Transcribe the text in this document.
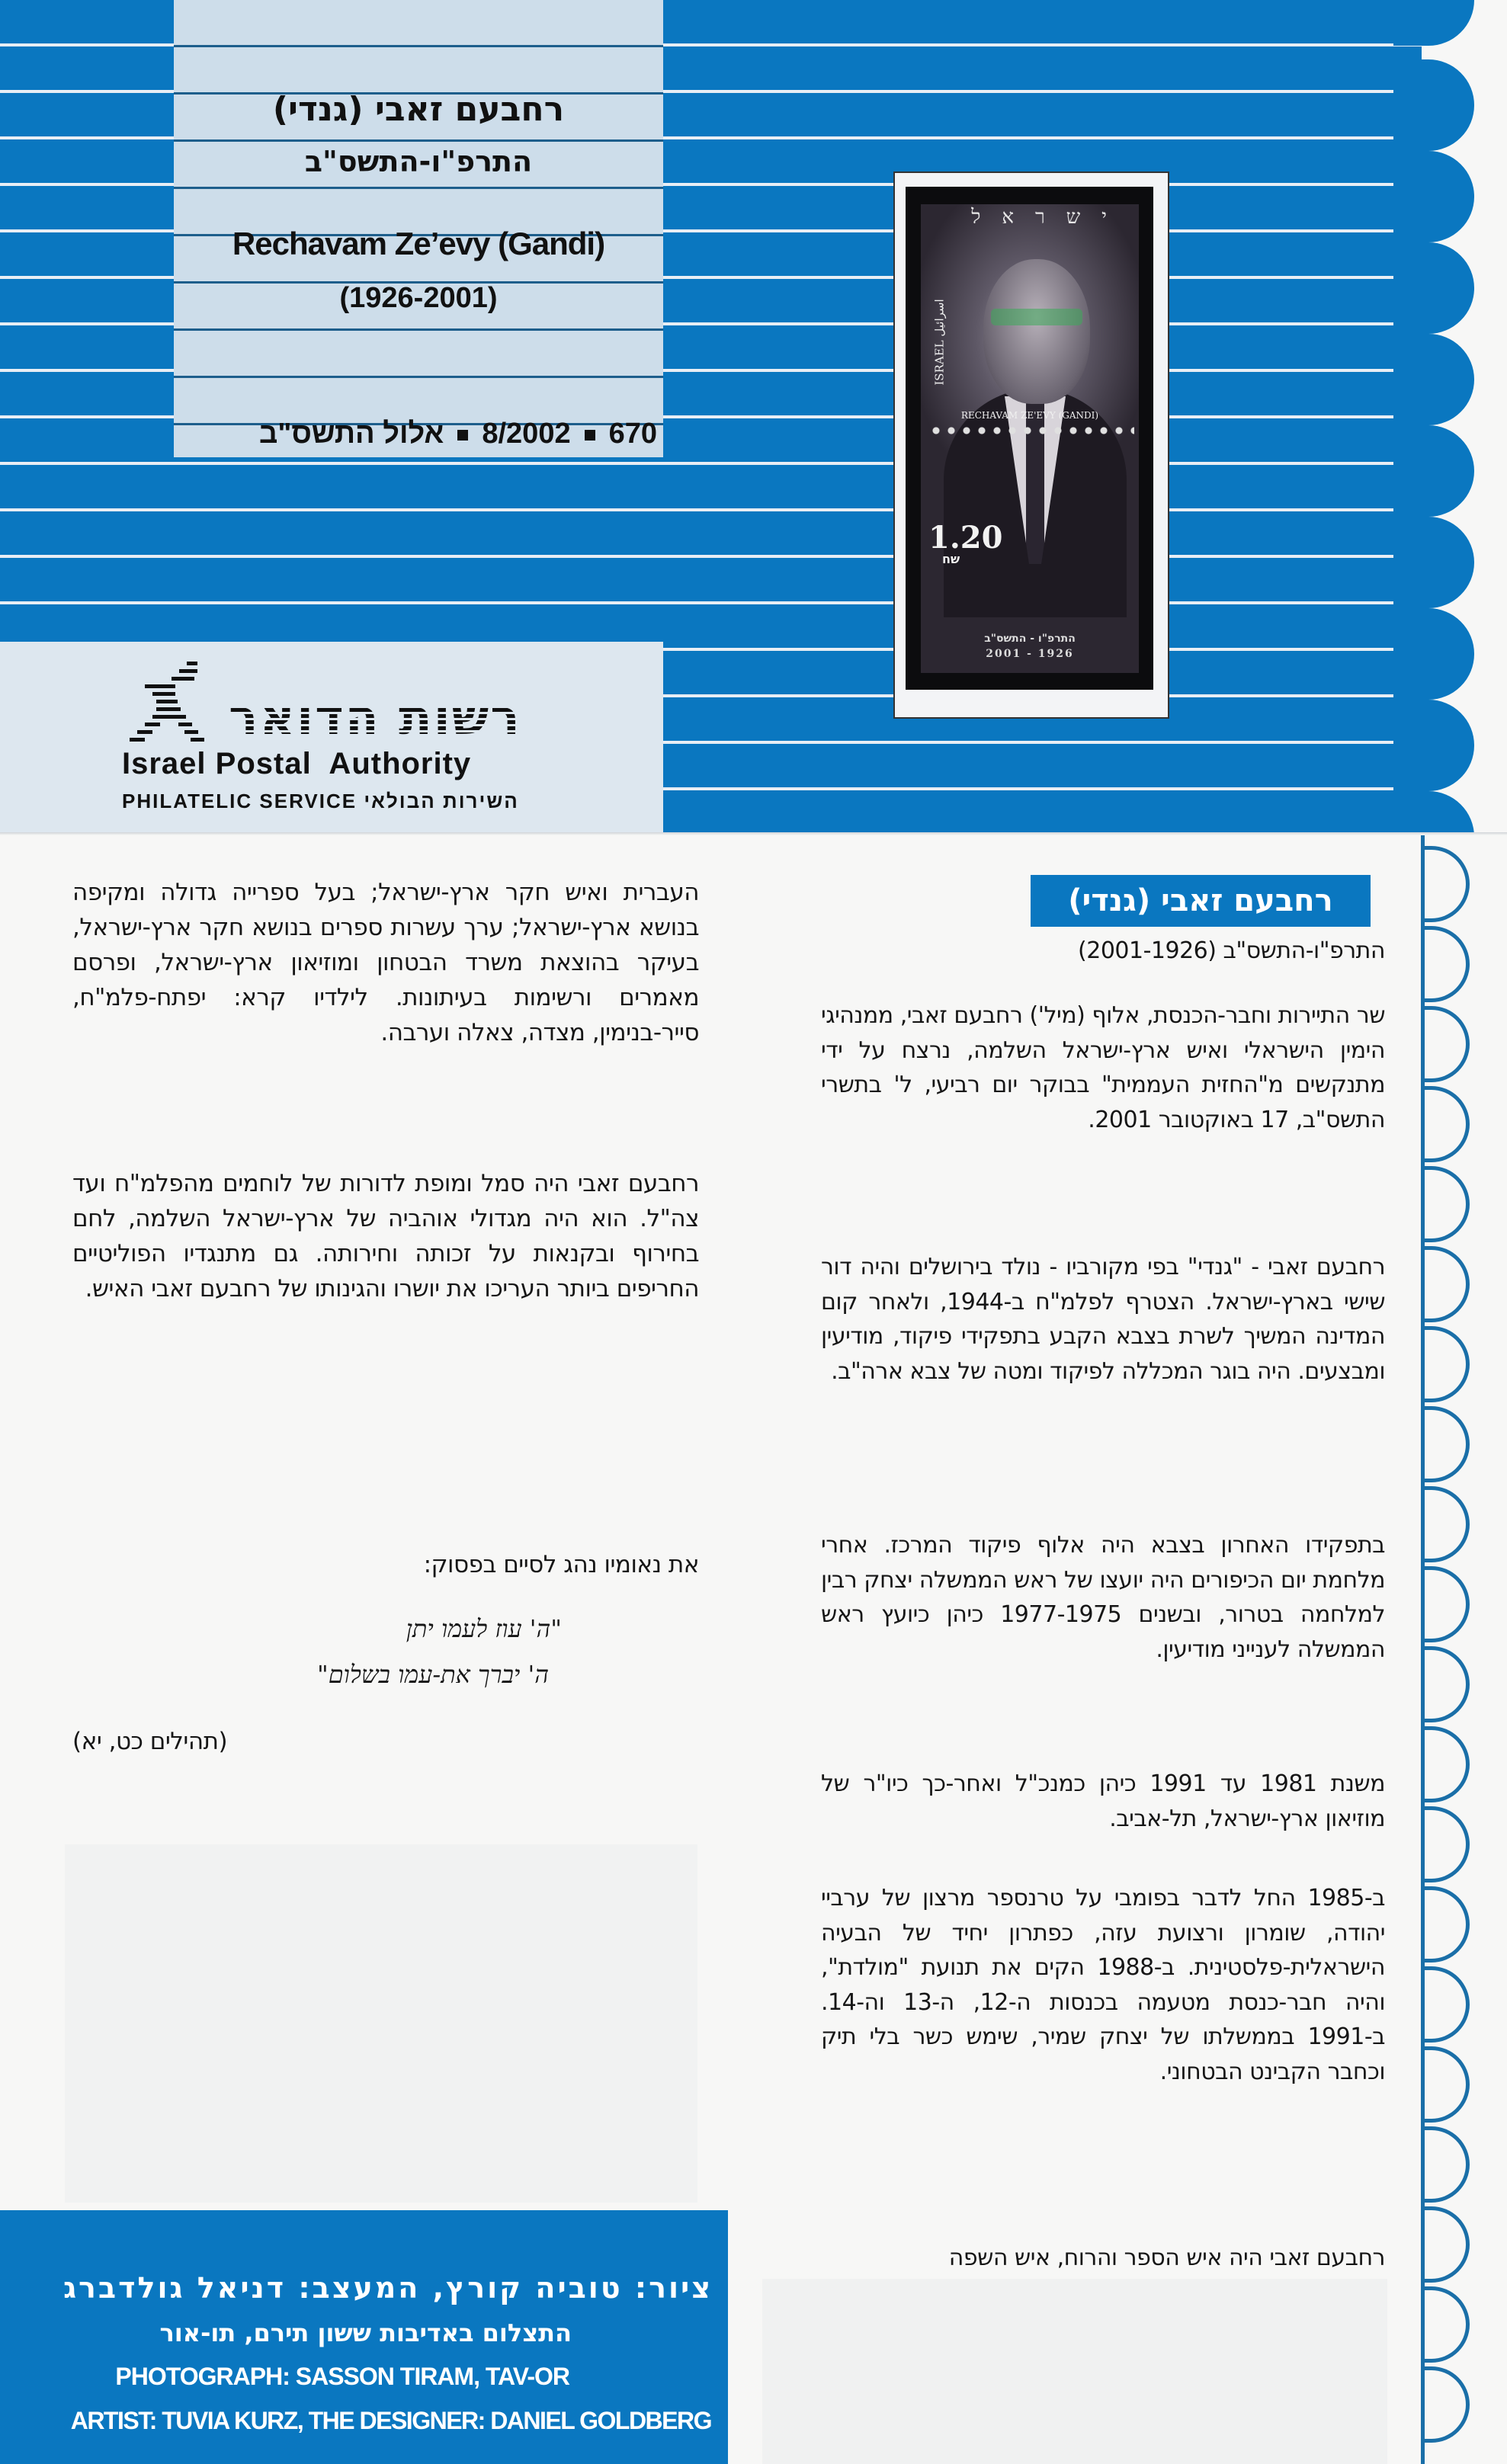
רחבעם זאבי (גנדי)
התרפ"ו-התשס"ב
Rechavam Ze’evy (Gandi)
(1926-2001)
6708/2002אלול התשס"ב
ישראל
ISRAEL اسرائيل
1.20
שח
RECHAVAM ZE'EVY (GANDI)
התרפ"ו - התשס"ב
2001 - 1926
רשות הדואר
Israel Postal  Authority
PHILATELIC SERVICE השירות הבולאי
רחבעם זאבי (גנדי)
התרפ"ו-התשס"ב (2001-1926)
שר התיירות וחבר-הכנסת, אלוף (מיל') רחבעם זאבי, ממנהיגי הימין הישראלי ואיש ארץ-ישראל השלמה, נרצח על ידי מתנקשים מ"החזית העממית" בבוקר יום רביעי, ל' בתשרי התשס"ב, 17 באוקטובר 2001.
רחבעם זאבי - "גנדי" בפי מקורביו - נולד בירושלים והיה דור שישי בארץ-ישראל. הצטרף לפלמ"ח ב-1944, ולאחר קום המדינה המשיך לשרת בצבא הקבע בתפקידי פיקוד, מודיעין ומבצעים. היה בוגר המכללה לפיקוד ומטה של צבא ארה"ב.
בתפקידו האחרון בצבא היה אלוף פיקוד המרכז. אחרי מלחמת יום הכיפורים היה יועצו של ראש הממשלה יצחק רבין למלחמה בטרור, ובשנים 1977-1975 כיהן כיועץ ראש הממשלה לענייני מודיעין.
משנת 1981 עד 1991 כיהן כמנכ"ל ואחר-כך כיו"ר של מוזיאון ארץ-ישראל, תל-אביב.
ב-1985 החל לדבר בפומבי על טרנספר מרצון של ערביי יהודה, שומרון ורצועת עזה, כפתרון יחיד של הבעיה הישראלית-פלסטינית. ב-1988 הקים את תנועת "מולדת", והיה חבר-כנסת מטעמה בכנסות ה-12, ה-13 וה-14. ב-1991 בממשלתו של יצחק שמיר, שימש כשר בלי תיק וכחבר הקבינט הבטחוני.
רחבעם זאבי היה איש הספר והרוח, איש השפה
העברית ואיש חקר ארץ-ישראל; בעל ספרייה גדולה ומקיפה בנושא ארץ-ישראל; ערך עשרות ספרים בנושא חקר ארץ-ישראל, בעיקר בהוצאת משרד הבטחון ומוזיאון ארץ-ישראל, ופרסם מאמרים ורשימות בעיתונות. לילדיו קרא: יפתח-פלמ"ח, סייר-בנימין, מצדה, צאלה וערבה.
רחבעם זאבי היה סמל ומופת לדורות של לוחמים מהפלמ"ח ועד צה"ל. הוא היה מגדולי אוהביה של ארץ-ישראל השלמה, לחם בחירוף ובקנאות על זכותה וחירותה. גם מתנגדיו הפוליטיים החריפים ביותר העריכו את יושרו והגינותו של רחבעם זאבי האיש.
את נאומיו נהג לסיים בפסוק:
"ה' עוז לעמו יתן
ה' יברך את-עמו בשלום"
(תהילים כט, יא)
ציור: טוביה קורץ, המעצב: דניאל גולדברג
התצלום באדיבות ששון תירם, תו-אור
PHOTOGRAPH: SASSON TIRAM, TAV-OR
ARTIST: TUVIA KURZ, THE DESIGNER: DANIEL GOLDBERG
